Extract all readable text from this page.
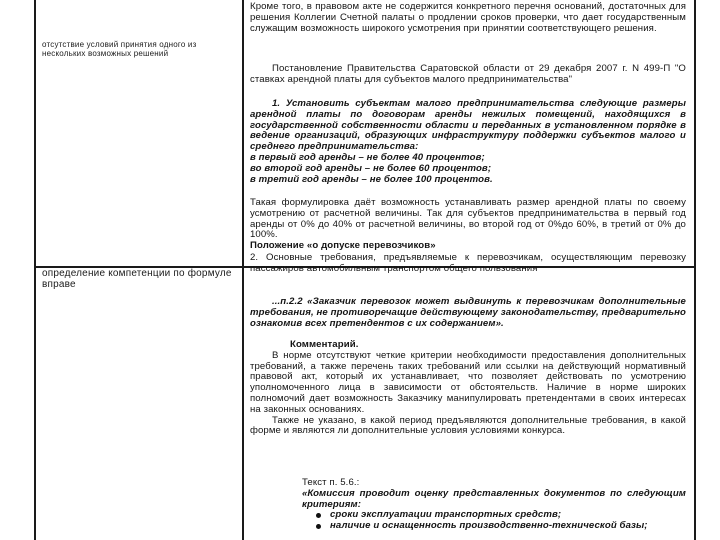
отсутствие условий принятия одного из нескольких возможных решений
определение компетенции по формуле вправе

Кроме того, в правовом акте не содержится конкретного перечня оснований, достаточных для решения Коллегии Счетной палаты о продлении сроков проверки, что дает государственным служащим возможность широкого усмотрения при принятии соответствующего решения.

Постановление Правительства Саратовской области от 29 декабря 2007 г. N 499-П "О ставках арендной платы для субъектов малого предпринимательства"

1. Установить субъектам малого предпринимательства следующие размеры арендной платы по договорам аренды нежилых помещений, находящихся в государственной собственности области и переданных в установленном порядке в ведение организаций, образующих инфраструктуру поддержки субъектов малого и среднего предпринимательства:

в первый год аренды – не более 40 процентов;

во второй год аренды – не более 60 процентов;

в третий год аренды – не более 100 процентов.

Такая формулировка даёт возможность устанавливать размер арендной платы по своему усмотрению от расчетной величины. Так для субъектов предпринимательства в первый год аренды от 0% до 40% от расчетной величины, во второй год от 0%до 60%, в третий от 0% до 100%.

Положение «о допуске перевозчиков»

2. Основные требования, предъявляемые к перевозчикам, осуществляющим перевозку пассажиров автомобильным транспортом общего пользования

...п.2.2 «Заказчик перевозок может выдвинуть к перевозчикам дополнительные требования, не противоречащие действующему законодательству, предварительно ознакомив всех претендентов с их содержанием».

Комментарий.

В норме отсутствуют четкие критерии необходимости предоставления дополнительных требований, а также перечень таких требований или ссылки на действующий нормативный правовой акт, который их устанавливает, что позволяет действовать по усмотрению уполномоченного лица в зависимости от обстоятельств. Наличие в норме широких полномочий дает возможность Заказчику манипулировать претендентами в своих интересах на законных основаниях.

Также не указано, в какой период предъявляются дополнительные требования, в какой форме и являются ли дополнительные условия условиями конкурса.

Текст п. 5.6.:

«Комиссия проводит оценку представленных документов по следующим критериям:

сроки эксплуатации транспортных средств;
наличие и оснащенность производственно-технической базы;
